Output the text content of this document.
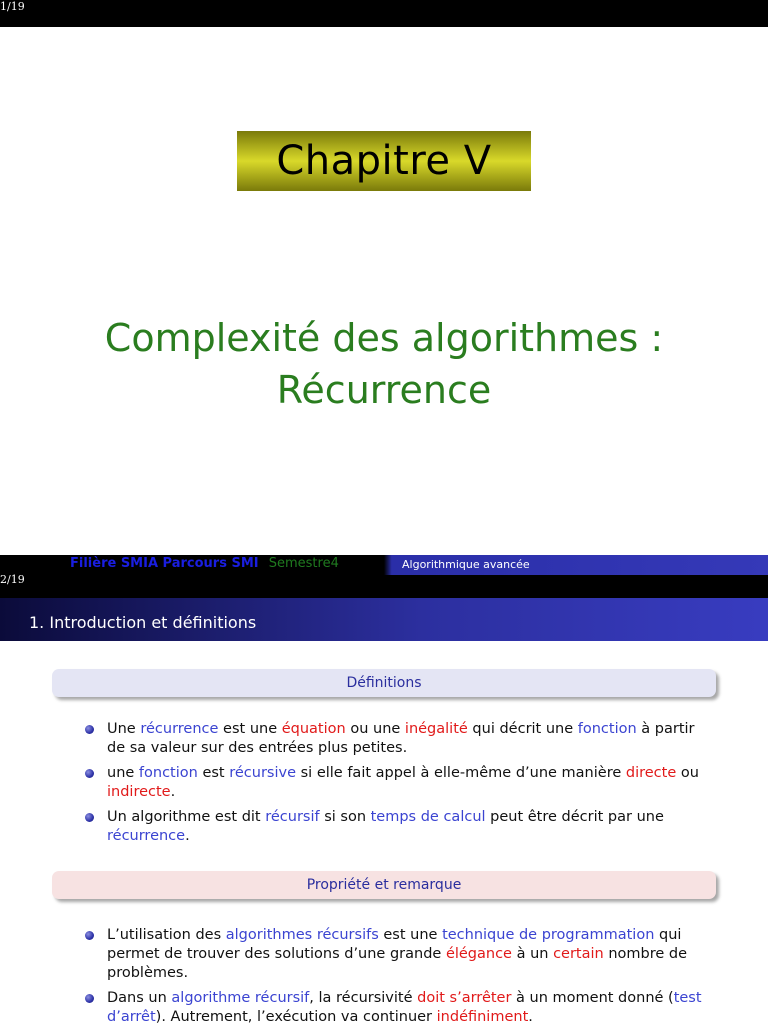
1/19
Chapitre V
Complexité des algorithmes :
Récurrence
Filière SMIA Parcours SMI Semestre4	Algorithmique avancée
2/19
1. Introduction et définitions
Définitions
Une récurrence est une équation ou une inégalité qui décrit une fonction à partir de sa valeur sur des entrées plus petites.
une fonction est récursive si elle fait appel à elle-même d’une manière directe ou indirecte.
Un algorithme est dit récursif si son temps de calcul peut être décrit par une récurrence.
Propriété et remarque
L’utilisation des algorithmes récursifs est une technique de programmation qui permet de trouver des solutions d’une grande élégance à un certain nombre de problèmes.
Dans un algorithme récursif, la récursivité doit s’arrêter à un moment donné (test d’arrêt). Autrement, l’exécution va continuer indéfiniment.
